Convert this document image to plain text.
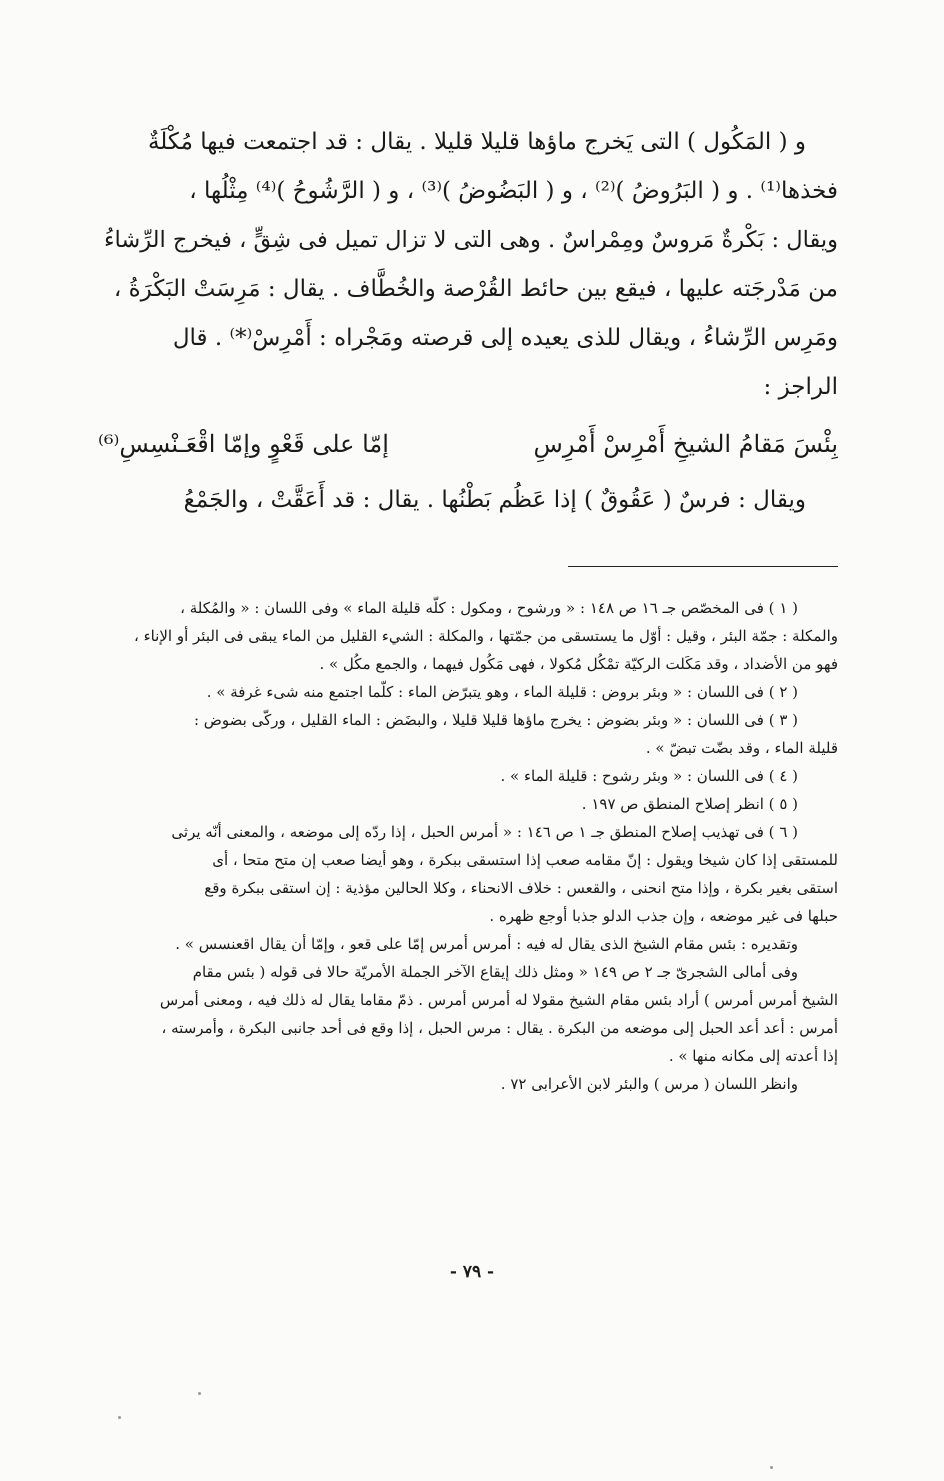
و ( المَكُول ) التى يَخرج ماؤها قليلا قليلا . يقال : قد اجتمعت فيها مُكْلَةٌ
فخذها⁽¹⁾ . و ( البَرُوضُ )⁽²⁾ ، و ( البَضُوضُ )⁽³⁾ ، و ( الرَّشُوحُ )⁽⁴⁾ مِثْلُها ،
ويقال : بَكْرةٌ مَروسٌ ومِمْراسٌ . وهى التى لا تزال تميل فى شِقٍّ ، فيخرج الرِّشاءُ
من مَدْرجَته عليها ، فيقع بين حائط القُرْصة والخُطَّاف . يقال : مَرِسَتْ البَكْرَةُ ،
ومَرِس الرِّشاءُ ، ويقال للذى يعيده إلى قرصته ومَجْراه : أَمْرِسْ⁽*⁾ . قال
الراجز :
بِئْسَ مَقامُ الشيخِ أَمْرِسْ أَمْرِسِ
إمّا على قَعْوٍ وإمّا اقْعَـنْسِسِ⁽⁶⁾
ويقال : فرسٌ ( عَقُوقٌ ) إذا عَظُم بَطْنُها . يقال : قد أَعَقَّتْ ، والجَمْعُ
( ١ ) فى المخصّص جـ ١٦ ص ١٤٨ : « ورشوح ، ومكول : كلّه قليلة الماء » وفى اللسان : « والمُكلة ،
والمكلة : جمّة البئر ، وقيل : أوّل ما يستسقى من جمّتها ، والمكلة : الشيء القليل من الماء يبقى فى البئر أو الإناء ،
فهو من الأضداد ، وقد مَكَلت الركيّة تمْكُل مُكولا ، فهى مَكُول فيهما ، والجمع مكُل » .
( ٢ ) فى اللسان : « وبئر بروض : قليلة الماء ، وهو يتبرّض الماء : كلّما اجتمع منه شىء غرفة » .
( ٣ ) فى اللسان : « وبئر بضوض : يخرج ماؤها قليلا قليلا ، والبضَض : الماء القليل ، وركّى بضوض :
قليلة الماء ، وقد بضّت تبضّ » .
( ٤ ) فى اللسان : « وبئر رشوح : قليلة الماء » .
( ٥ ) انظر إصلاح المنطق ص ١٩٧ .
( ٦ ) فى تهذيب إصلاح المنطق جـ ١ ص ١٤٦ : « أمرس الحبل ، إذا ردّه إلى موضعه ، والمعنى أنّه يرثى
للمستقى إذا كان شيخا ويقول : إنّ مقامه صعب إذا استسقى ببكرة ، وهو أيضا صعب إن متح متحا ، أى
استقى بغير بكرة ، وإذا متح انحنى ، والقعس : خلاف الانحناء ، وكلا الحالين مؤذية : إن استقى ببكرة وقع
حبلها فى غير موضعه ، وإن جذب الدلو جذبا أوجع ظهره .
وتقديره : بئس مقام الشيخ الذى يقال له فيه : أمرس أمرس إمّا على قعو ، وإمّا أن يقال اقعنسس » .
وفى أمالى الشجرىّ جـ ٢ ص ١٤٩ « ومثل ذلك إيقاع الآخر الجملة الأمريّة حالا فى قوله ( بئس مقام
الشيخ أمرس أمرس ) أراد بئس مقام الشيخ مقولا له أمرس أمرس . ذمّ مقاما يقال له ذلك فيه ، ومعنى أمرس
أمرس : أعد أعد الحبل إلى موضعه من البكرة . يقال : مرس الحبل ، إذا وقع فى أحد جانبى البكرة ، وأمرسته ،
إذا أعدته إلى مكانه منها » .
وانظر اللسان ( مرس ) والبئر لابن الأعرابى ٧٢ .
- ٧٩ -
